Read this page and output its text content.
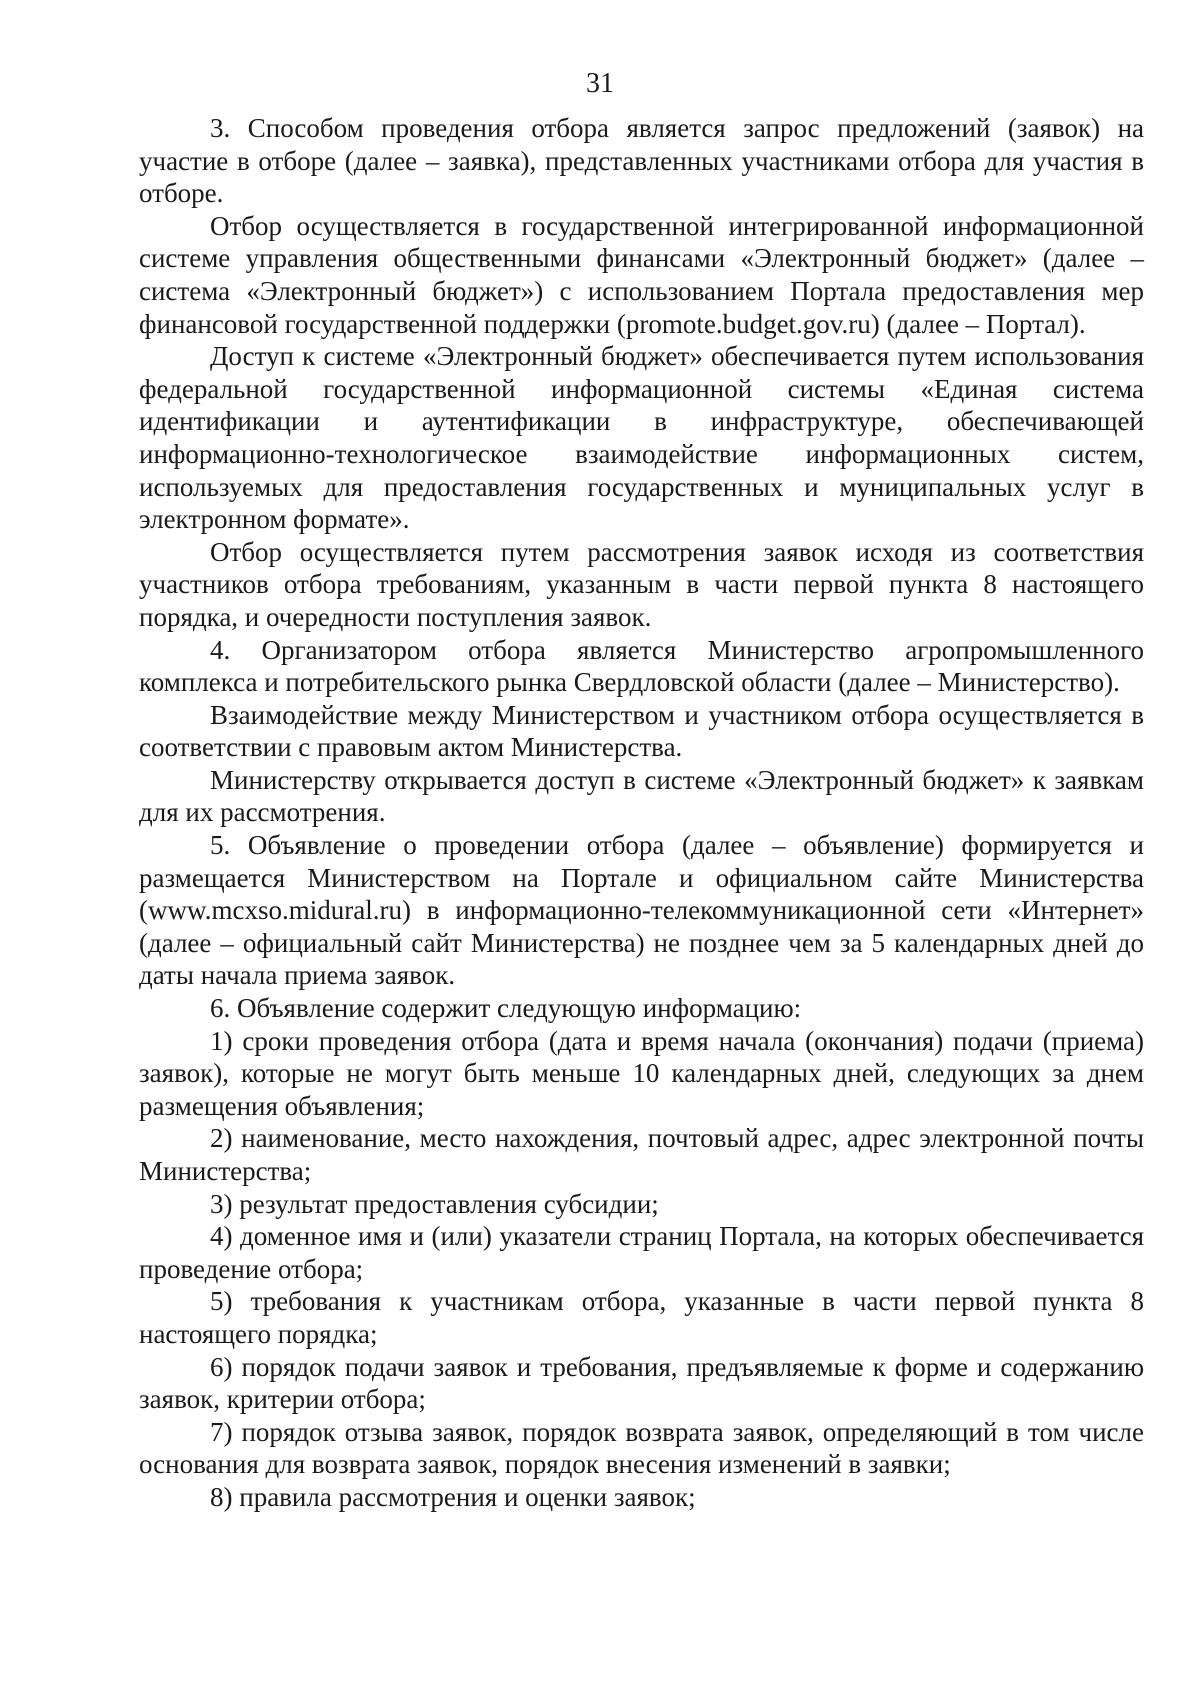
31

3. Способом проведения отбора является запрос предложений (заявок) на участие в отборе (далее – заявка), представленных участниками отбора для участия в отборе.

Отбор осуществляется в государственной интегрированной информационной системе управления общественными финансами «Электронный бюджет» (далее – система «Электронный бюджет») с использованием Портала предоставления мер финансовой государственной поддержки (promote.budget.gov.ru) (далее – Портал).

Доступ к системе «Электронный бюджет» обеспечивается путем использования федеральной государственной информационной системы «Единая система идентификации и аутентификации в инфраструктуре, обеспечивающей информационно-технологическое взаимодействие информационных систем, используемых для предоставления государственных и муниципальных услуг в электронном формате».

Отбор осуществляется путем рассмотрения заявок исходя из соответствия участников отбора требованиям, указанным в части первой пункта 8 настоящего порядка, и очередности поступления заявок.

4. Организатором отбора является Министерство агропромышленного комплекса и потребительского рынка Свердловской области (далее – Министерство).

Взаимодействие между Министерством и участником отбора осуществляется в соответствии с правовым актом Министерства.

Министерству открывается доступ в системе «Электронный бюджет» к заявкам для их рассмотрения.

5. Объявление о проведении отбора (далее – объявление) формируется и размещается Министерством на Портале и официальном сайте Министерства (www.mcxso.midural.ru) в информационно-телекоммуникационной сети «Интернет» (далее – официальный сайт Министерства) не позднее чем за 5 календарных дней до даты начала приема заявок.

6. Объявление содержит следующую информацию:

1) сроки проведения отбора (дата и время начала (окончания) подачи (приема) заявок), которые не могут быть меньше 10 календарных дней, следующих за днем размещения объявления;

2) наименование, место нахождения, почтовый адрес, адрес электронной почты Министерства;

3) результат предоставления субсидии;

4) доменное имя и (или) указатели страниц Портала, на которых обеспечивается проведение отбора;

5) требования к участникам отбора, указанные в части первой пункта 8 настоящего порядка;

6) порядок подачи заявок и требования, предъявляемые к форме и содержанию заявок, критерии отбора;

7) порядок отзыва заявок, порядок возврата заявок, определяющий в том числе основания для возврата заявок, порядок внесения изменений в заявки;

8) правила рассмотрения и оценки заявок;
